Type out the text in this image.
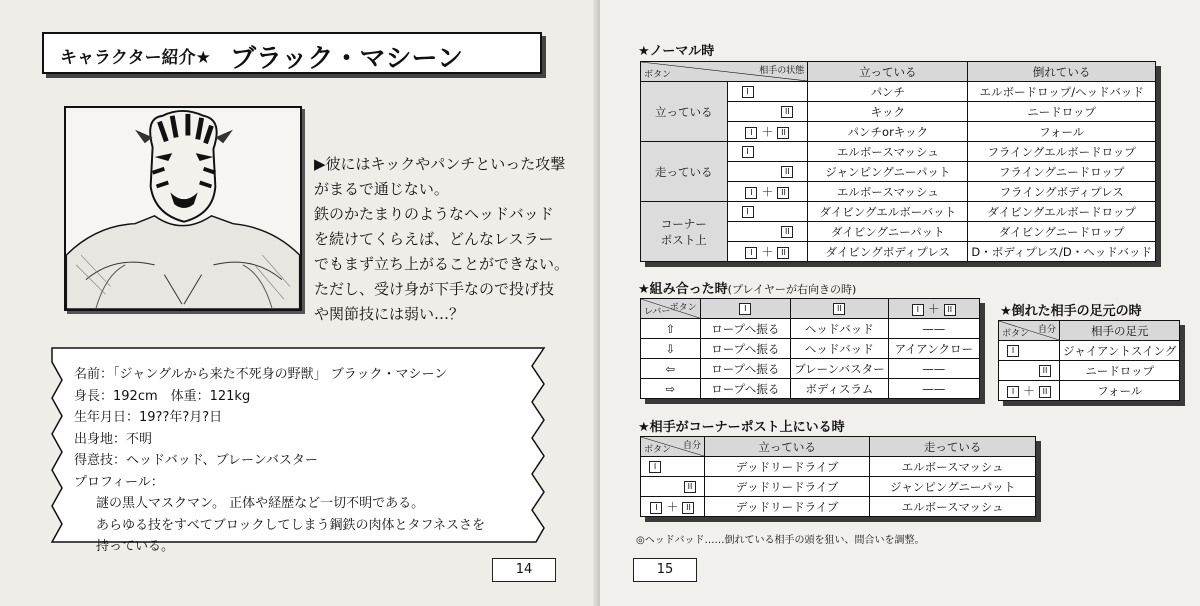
キャラクター紹介★ ブラック・マシーン
▶彼にはキックやパンチといった攻撃
がまるで通じない。
鉄のかたまりのようなヘッドバッド
を続けてくらえば、どんなレスラー
でもまず立ち上がることができない。
ただし、受け身が下手なので投げ技
や関節技には弱い…？
名前：「ジャングルから来た不死身の野獣」 ブラック・マシーン
身長：192cm　体重：121kg
生年月日：19??年?月?日
出身地：不明
得意技：ヘッドバッド、ブレーンバスター
プロフィール：
謎の黒人マスクマン。 正体や経歴など一切不明である。
あらゆる技をすべてブロックしてしまう鋼鉄の肉体とタフネスさを
持っている。
14
★ノーマル時
相手の状態
ボタン		立っている	倒れている
立っている	I	パンチ	エルボードロップ/ヘッドバッド
	II	キック	ニードロップ
	I ＋ II	パンチorキック	フォール
走っている	I	エルボースマッシュ	フライングエルボードロップ
	II	ジャンピングニーパット	フライングニードロップ
	I ＋ II	エルボースマッシュ	フライングボディプレス

コーナー
ポスト上	I	ダイビングエルボーバット	ダイビングエルボードロップ
	II	ダイビングニーパット	ダイビングニードロップ
	I ＋ II	ダイビングボディプレス	D・ボディプレス/D・ヘッドバッド
★組み合った時(プレイヤーが右向きの時)
ボタン
レバー	I	II	I ＋ II
⇧	ロープへ振る	ヘッドバッド	——
⇩	ロープへ振る	ヘッドバッド	アイアンクロー
⇦	ロープへ振る	ブレーンバスター	——
⇨	ロープへ振る	ボディスラム	——
★倒れた相手の足元の時
自分
ボタン	相手の足元
I	ジャイアントスイング
II	ニードロップ
I ＋ II	フォール
★相手がコーナーポスト上にいる時
自分
ボタン	立っている	走っている
I	デッドリードライブ	エルボースマッシュ
II	デッドリードライブ	ジャンピングニーパット
I ＋ II	デッドリードライブ	エルボースマッシュ
◎ヘッドバッド……倒れている相手の頭を狙い、間合いを調整。
15
